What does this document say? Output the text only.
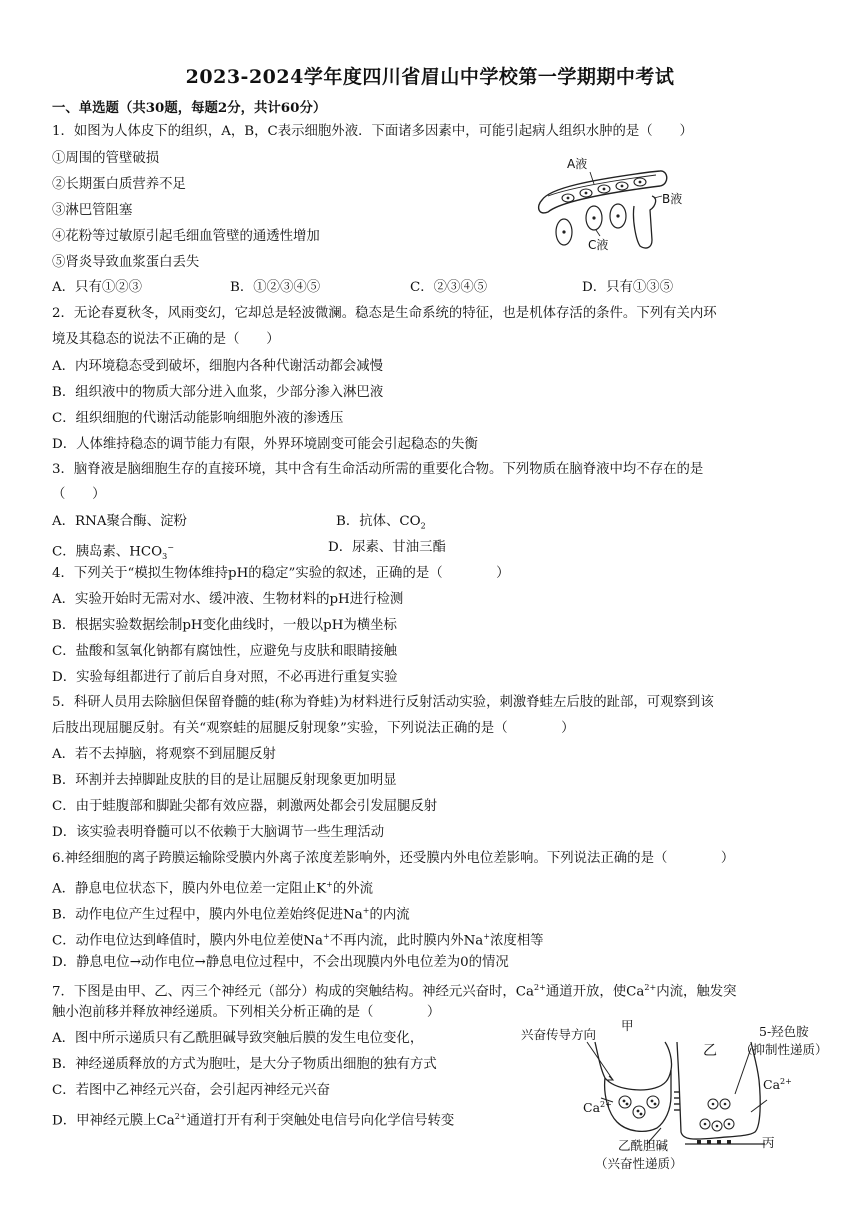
2023-2024学年度四川省眉山中学校第一学期期中考试
一、单选题（共30题，每题2分，共计60分）
1．如图为人体皮下的组织，A，B，C表示细胞外液．下面诸多因素中，可能引起病人组织水肿的是（　　）
①周围的管壁破损
②长期蛋白质营养不足
③淋巴管阻塞
④花粉等过敏原引起毛细血管壁的通透性增加
⑤肾炎导致血浆蛋白丢失
A．只有①②③	B．①②③④⑤	C．②③④⑤	D．只有①③⑤
A液
B液
C液
2．无论春夏秋冬，风雨变幻，它却总是轻波微澜。稳态是生命系统的特征，也是机体存活的条件。下列有关内环
境及其稳态的说法不正确的是（　　）
A．内环境稳态受到破坏，细胞内各种代谢活动都会减慢
B．组织液中的物质大部分进入血浆，少部分渗入淋巴液
C．组织细胞的代谢活动能影响细胞外液的渗透压
D．人体维持稳态的调节能力有限，外界环境剧变可能会引起稳态的失衡
3．脑脊液是脑细胞生存的直接环境，其中含有生命活动所需的重要化合物。下列物质在脑脊液中均不存在的是
（　　）
A．RNA聚合酶、淀粉	B．抗体、$CO_2$
C．胰岛素、$HCO_3^-$	D．尿素、甘油三酯
4．下列关于“模拟生物体维持pH的稳定”实验的叙述，正确的是（　　　　）
A．实验开始时无需对水、缓冲液、生物材料的pH进行检测
B．根据实验数据绘制pH变化曲线时，一般以pH为横坐标
C．盐酸和氢氧化钠都有腐蚀性，应避免与皮肤和眼睛接触
D．实验每组都进行了前后自身对照，不必再进行重复实验
5．科研人员用去除脑但保留脊髓的蛙(称为脊蛙)为材料进行反射活动实验，刺激脊蛙左后肢的趾部，可观察到该
后肢出现屈腿反射。有关“观察蛙的屈腿反射现象”实验，下列说法正确的是（　　　　）
A．若不去掉脑，将观察不到屈腿反射
B．环割并去掉脚趾皮肤的目的是让屈腿反射现象更加明显
C．由于蛙腹部和脚趾尖都有效应器，刺激两处都会引发屈腿反射
D．该实验表明脊髓可以不依赖于大脑调节一些生理活动
6.神经细胞的离子跨膜运输除受膜内外离子浓度差影响外，还受膜内外电位差影响。下列说法正确的是（　　　　）
A．静息电位状态下，膜内外电位差一定阻止K+的外流
B．动作电位产生过程中，膜内外电位差始终促进Na+的内流
C．动作电位达到峰值时，膜内外电位差使Na+不再内流，此时膜内外Na+浓度相等
D．静息电位→动作电位→静息电位过程中，不会出现膜内外电位差为0的情况
7．下图是由甲、乙、丙三个神经元（部分）构成的突触结构。神经元兴奋时，$Ca^{2+}$通道开放，使$Ca^{2+}$内流，触发突
触小泡前移并释放神经递质。下列相关分析正确的是（　　　　）
A．图中所示递质只有乙酰胆碱导致突触后膜的发生电位变化，
B．神经递质释放的方式为胞吐，是大分子物质出细胞的独有方式
C．若图中乙神经元兴奋，会引起丙神经元兴奋
D．甲神经元膜上$Ca^{2+}$通道打开有利于突触处电信号向化学信号转变
兴奋传导方向
甲
乙
丙
5-羟色胺
（抑制性递质）
$Ca^{2+}$
$Ca^{2+}$
乙酰胆碱
（兴奋性递质）
